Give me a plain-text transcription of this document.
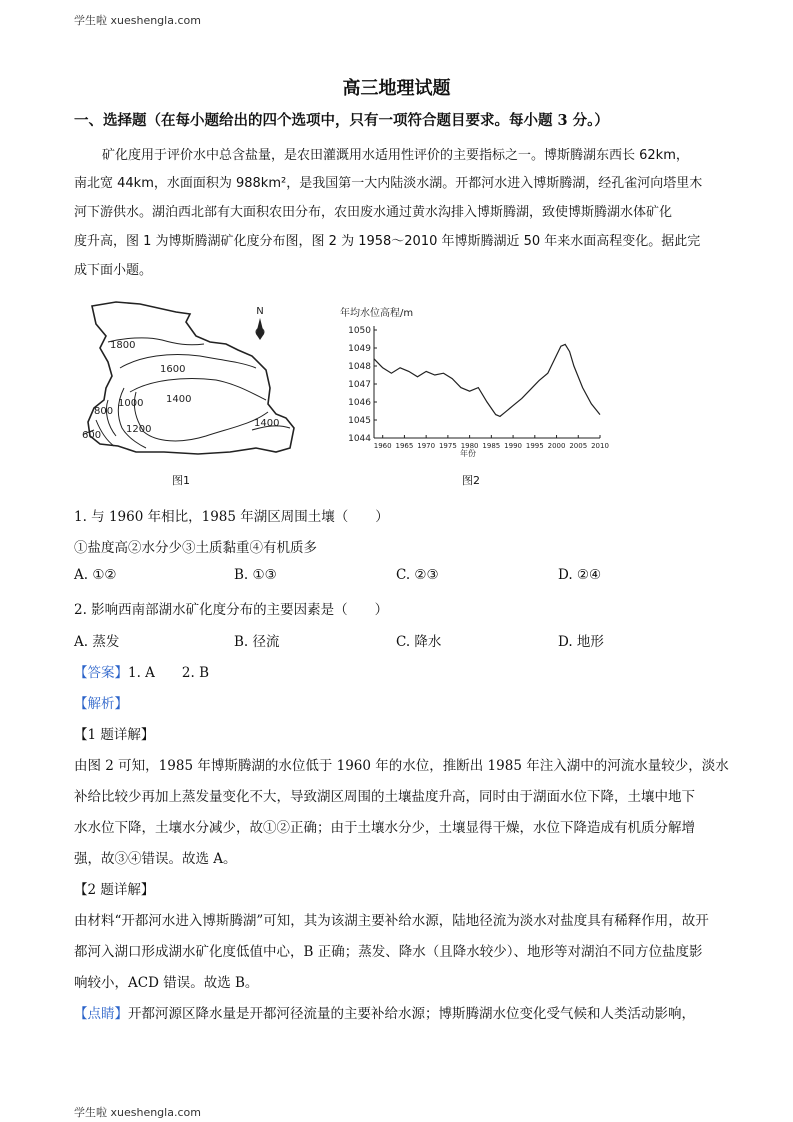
学生啦 xueshengla.com
学生啦 xueshengla.com
高三地理试题
一、选择题（在每小题给出的四个选项中，只有一项符合题目要求。每小题 3 分。）
矿化度用于评价水中总含盐量，是农田灌溉用水适用性评价的主要指标之一。博斯腾湖东西长 62km，
南北宽 44km，水面面积为 988km²，是我国第一大内陆淡水湖。开都河水进入博斯腾湖，经孔雀河向塔里木
河下游供水。湖泊西北部有大面积农田分布，农田废水通过黄水沟排入博斯腾湖，致使博斯腾湖水体矿化
度升高，图 1 为博斯腾湖矿化度分布图，图 2 为 1958～2010 年博斯腾湖近 50 年来水面高程变化。据此完
成下面小题。
1800
1600
1400
1000
800
600
1200
1400
N
图1
年均水位高程/m
年份
1044
1045
1046
1047
1048
1049
1050
1960 1965 1970 1975 1980 1985 1990 1995 2000 2005 2010
图2
1. 与 1960 年相比，1985 年湖区周围土壤（　　）
①盐度高②水分少③土质黏重④有机质多
A. ①②	B. ①③	C. ②③	D. ②④
2. 影响西南部湖水矿化度分布的主要因素是（　　）
A. 蒸发	B. 径流	C. 降水	D. 地形
【答案】1. A　　2. B
【解析】
【1 题详解】
由图 2 可知，1985 年博斯腾湖的水位低于 1960 年的水位，推断出 1985 年注入湖中的河流水量较少，淡水
补给比较少再加上蒸发量变化不大，导致湖区周围的土壤盐度升高，同时由于湖面水位下降，土壤中地下
水水位下降，土壤水分减少，故①②正确；由于土壤水分少，土壤显得干燥，水位下降造成有机质分解增
强，故③④错误。故选 A。
【2 题详解】
由材料“开都河水进入博斯腾湖”可知，其为该湖主要补给水源，陆地径流为淡水对盐度具有稀释作用，故开
都河入湖口形成湖水矿化度低值中心，B 正确；蒸发、降水（且降水较少）、地形等对湖泊不同方位盐度影
响较小，ACD 错误。故选 B。
【点睛】开都河源区降水量是开都河径流量的主要补给水源；博斯腾湖水位变化受气候和人类活动影响，
